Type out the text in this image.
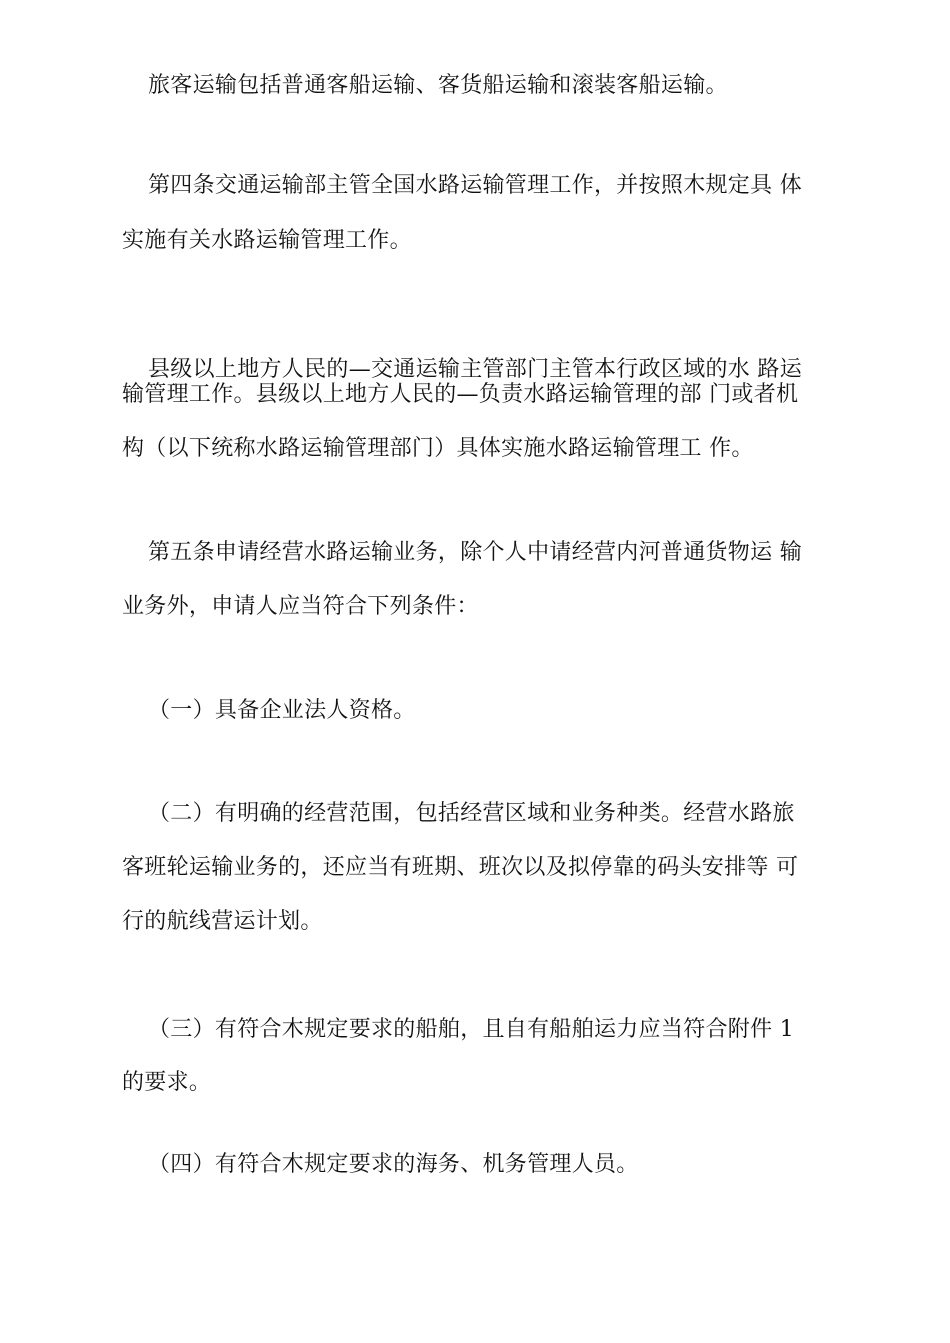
旅客运输包括普通客船运输、客货船运输和滚装客船运输。
第四条交通运输部主管全国水路运输管理工作，并按照木规定具 体
实施有关水路运输管理工作。
县级以上地方人民的—交通运输主管部门主管本行政区域的水 路运
输管理工作。县级以上地方人民的—负责水路运输管理的部 门或者机
构（以下统称水路运输管理部门）具体实施水路运输管理工 作。
第五条申请经营水路运输业务，除个人中请经营内河普通货物运 输
业务外，申请人应当符合下列条件：
（一）具备企业法人资格。
（二）有明确的经营范围，包括经营区域和业务种类。经营水路旅
客班轮运输业务的，还应当有班期、班次以及拟停靠的码头安排等 可
行的航线营运计划。
（三）有符合木规定要求的船舶，且自有船舶运力应当符合附件 1
的要求。
（四）有符合木规定要求的海务、机务管理人员。
